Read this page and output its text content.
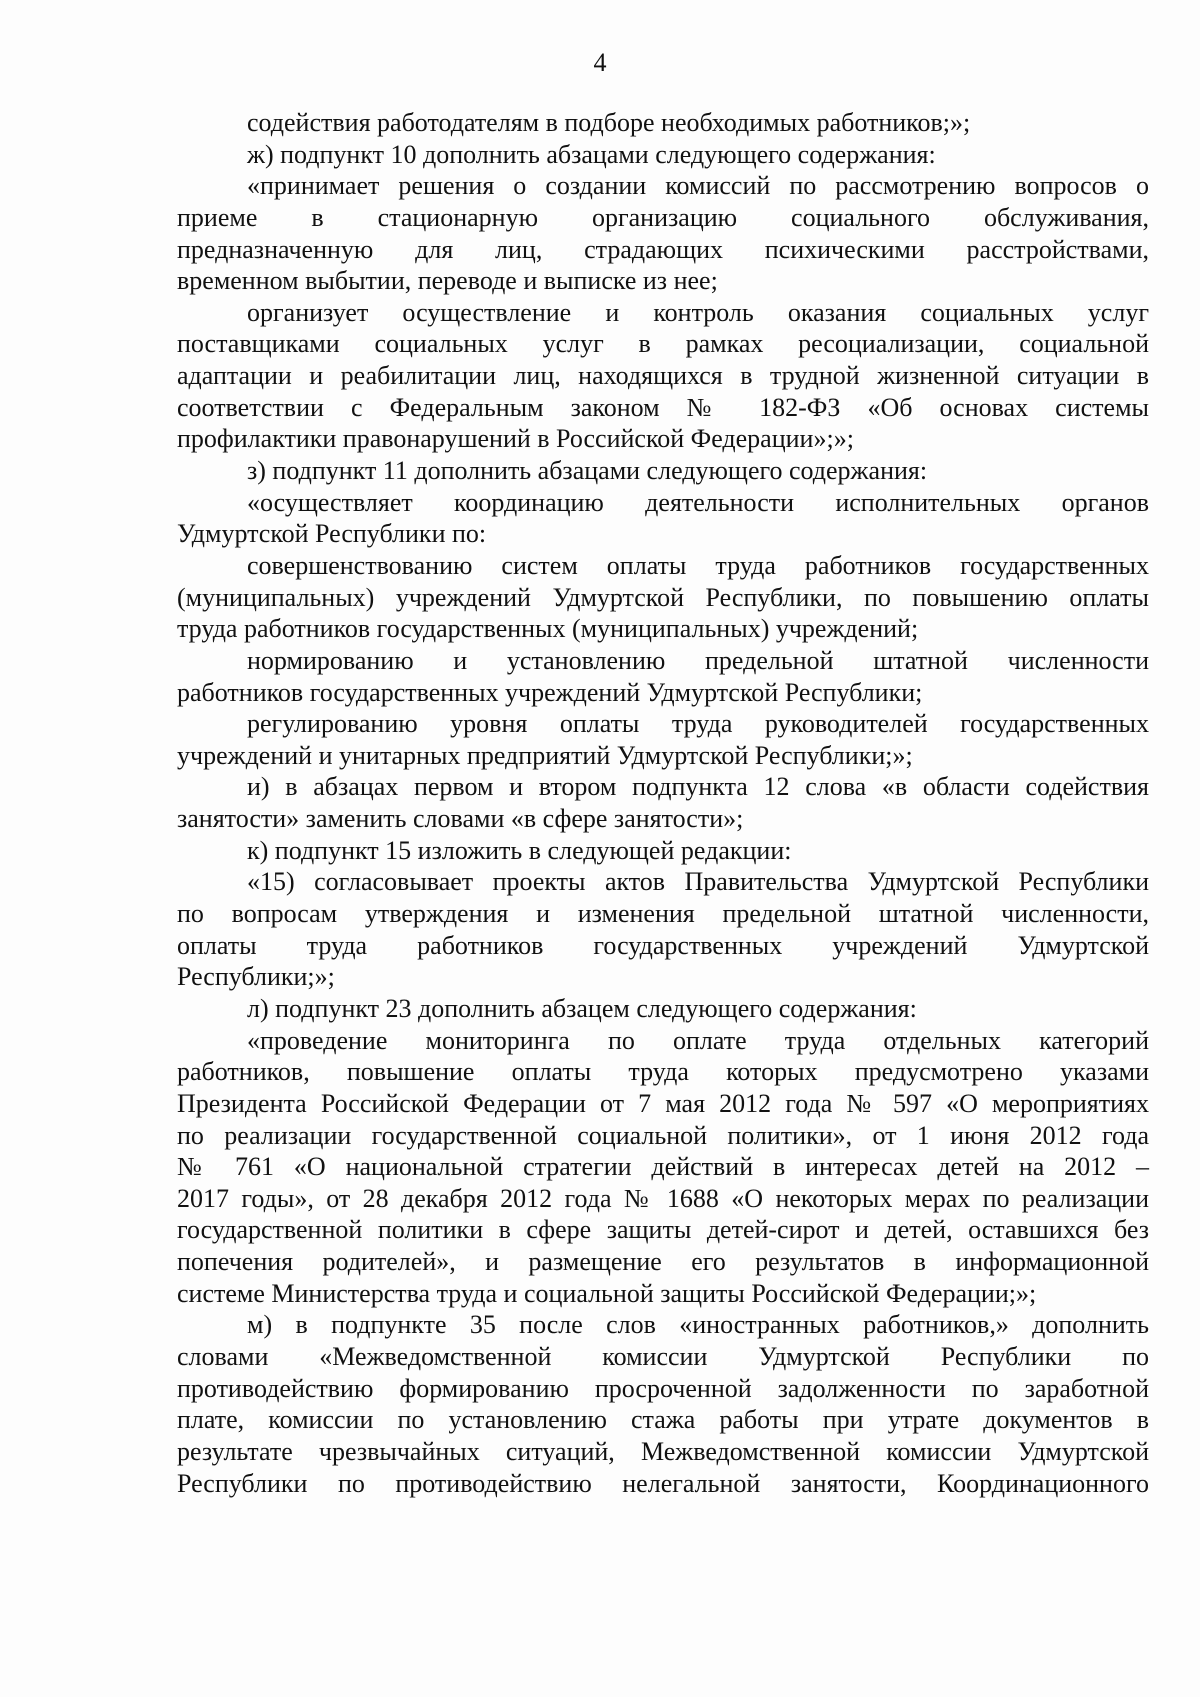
4
содействия работодателям в подборе необходимых работников;»;
ж) подпункт 10 дополнить абзацами следующего содержания:
«принимает решения о создании комиссий по рассмотрению вопросов о
приеме в стационарную организацию социального обслуживания,
предназначенную для лиц, страдающих психическими расстройствами,
временном выбытии, переводе и выписке из нее;
организует осуществление и контроль оказания социальных услуг
поставщиками социальных услуг в рамках ресоциализации, социальной
адаптации и реабилитации лиц, находящихся в трудной жизненной ситуации в
соответствии с Федеральным законом № 182-ФЗ «Об основах системы
профилактики правонарушений в Российской Федерации»;»;
з) подпункт 11 дополнить абзацами следующего содержания:
«осуществляет координацию деятельности исполнительных органов
Удмуртской Республики по:
совершенствованию систем оплаты труда работников государственных
(муниципальных) учреждений Удмуртской Республики, по повышению оплаты
труда работников государственных (муниципальных) учреждений;
нормированию и установлению предельной штатной численности
работников государственных учреждений Удмуртской Республики;
регулированию уровня оплаты труда руководителей государственных
учреждений и унитарных предприятий Удмуртской Республики;»;
и) в абзацах первом и втором подпункта 12 слова «в области содействия
занятости» заменить словами «в сфере занятости»;
к) подпункт 15 изложить в следующей редакции:
«15) согласовывает проекты актов Правительства Удмуртской Республики
по вопросам утверждения и изменения предельной штатной численности,
оплаты труда работников государственных учреждений Удмуртской
Республики;»;
л) подпункт 23 дополнить абзацем следующего содержания:
«проведение мониторинга по оплате труда отдельных категорий
работников, повышение оплаты труда которых предусмотрено указами
Президента Российской Федерации от 7 мая 2012 года № 597 «О мероприятиях
по реализации государственной социальной политики», от 1 июня 2012 года
№ 761 «О национальной стратегии действий в интересах детей на 2012 –
2017 годы», от 28 декабря 2012 года № 1688 «О некоторых мерах по реализации
государственной политики в сфере защиты детей-сирот и детей, оставшихся без
попечения родителей», и размещение его результатов в информационной
системе Министерства труда и социальной защиты Российской Федерации;»;
м) в подпункте 35 после слов «иностранных работников,» дополнить
словами «Межведомственной комиссии Удмуртской Республики по
противодействию формированию просроченной задолженности по заработной
плате, комиссии по установлению стажа работы при утрате документов в
результате чрезвычайных ситуаций, Межведомственной комиссии Удмуртской
Республики по противодействию нелегальной занятости, Координационного
